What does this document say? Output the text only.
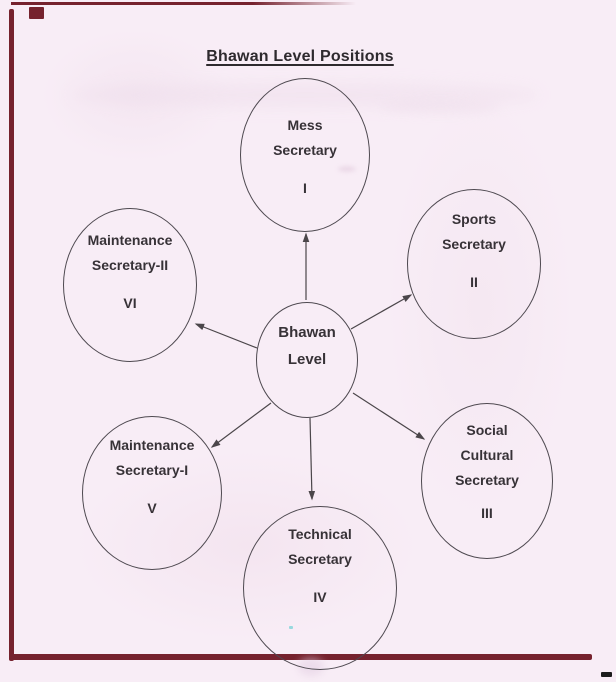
Bhawan Level Positions
Bhawan
Level
Mess
Secretary
I
Sports
Secretary
II
Maintenance
Secretary-II
VI
Social
Cultural
Secretary
III
Maintenance
Secretary-I
V
Technical
Secretary
IV
